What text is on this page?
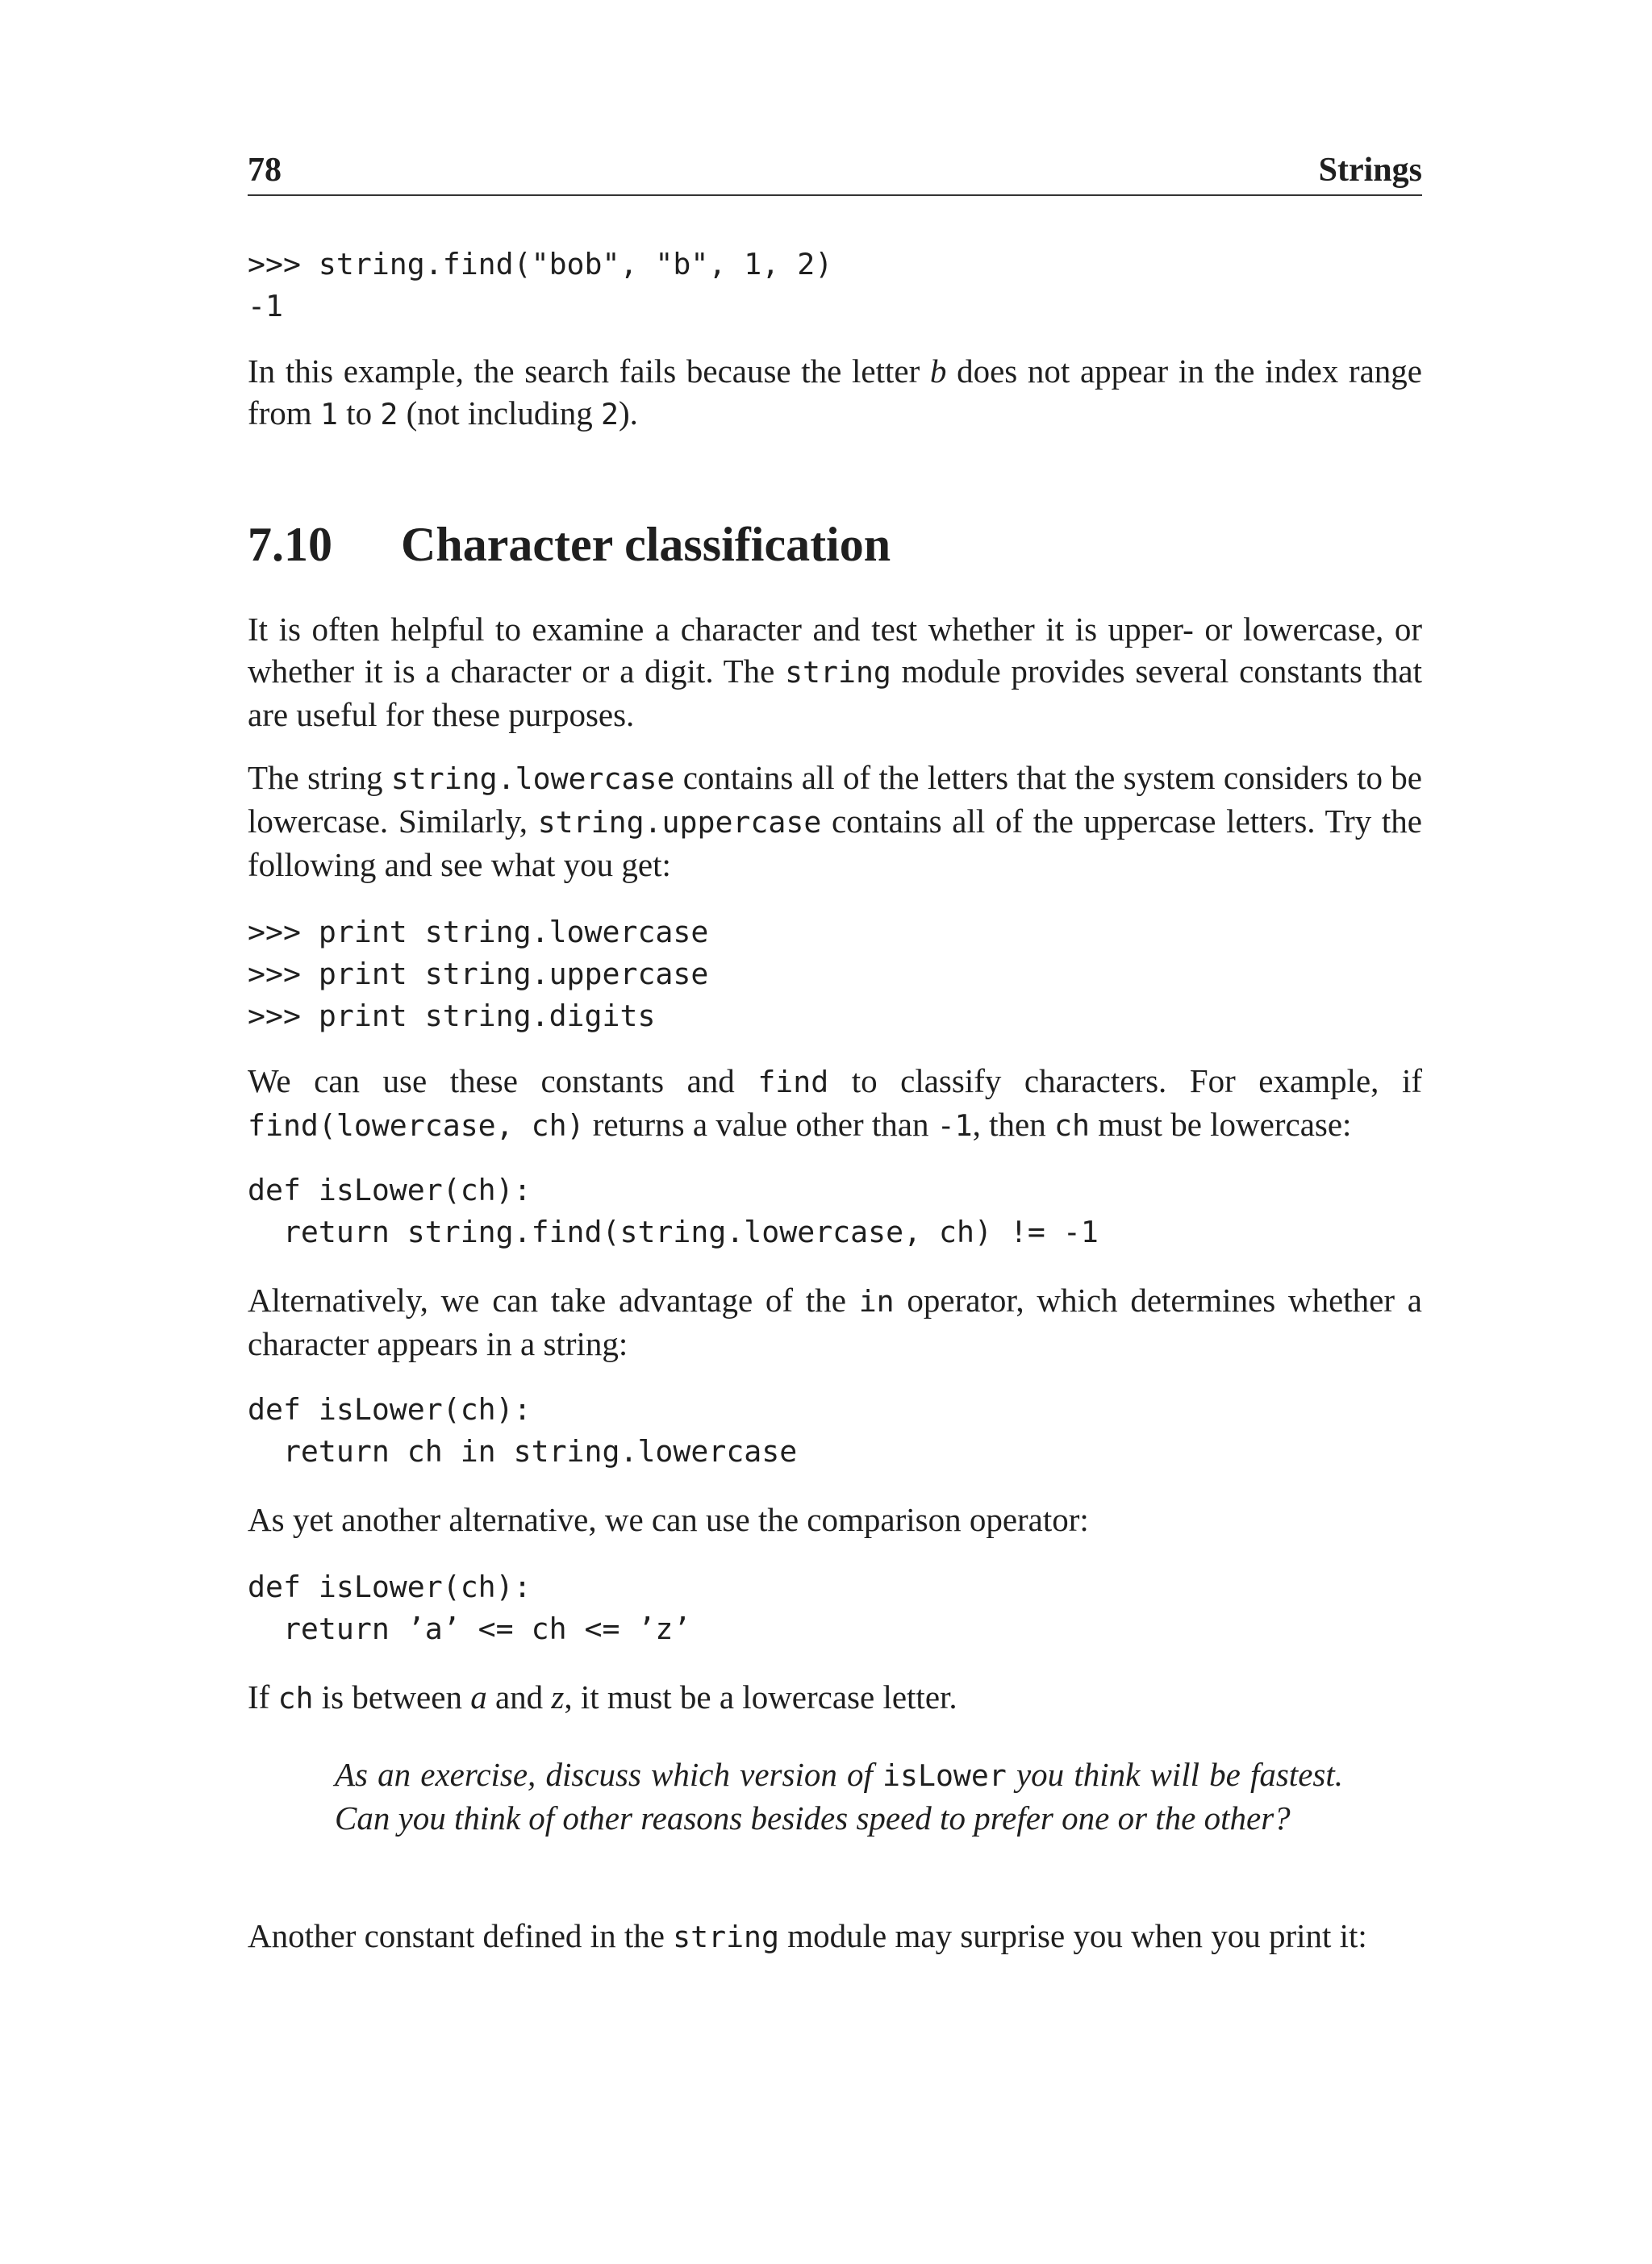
78	Strings
>>> string.find("bob", "b", 1, 2)
-1

In this example, the search fails because the letter b does not appear in the index range from 1 to 2 (not including 2).

7.10 Character classification

It is often helpful to examine a character and test whether it is upper- or lowercase, or whether it is a character or a digit. The string module provides several constants that are useful for these purposes.

The string string.lowercase contains all of the letters that the system considers to be lowercase. Similarly, string.uppercase contains all of the uppercase letters. Try the following and see what you get:

>>> print string.lowercase
>>> print string.uppercase
>>> print string.digits

We can use these constants and find to classify characters. For example, if find(lowercase, ch) returns a value other than -1, then ch must be lowercase:

def isLower(ch):
return string.find(string.lowercase, ch) != -1

Alternatively, we can take advantage of the in operator, which determines whether a character appears in a string:

def isLower(ch):
return ch in string.lowercase

As yet another alternative, we can use the comparison operator:

def isLower(ch):
return ’a’ <= ch <= ’z’

If ch is between a and z, it must be a lowercase letter.

As an exercise, discuss which version of isLower you think will be fastest. Can you think of other reasons besides speed to prefer one or the other?

Another constant defined in the string module may surprise you when you print it:
